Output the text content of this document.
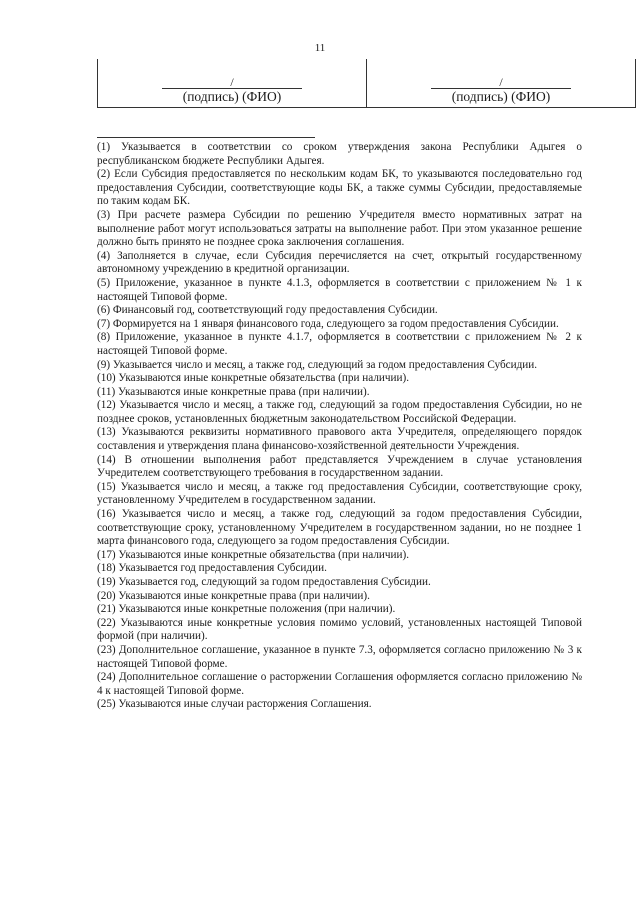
11
/
(подпись) (ФИО)
/
(подпись) (ФИО)

(1) Указывается в соответствии со сроком утверждения закона Республики Адыгея о республиканском бюджете Республики Адыгея.

(2) Если Субсидия предоставляется по нескольким кодам БК, то указываются последовательно год предоставления Субсидии, соответствующие коды БК, а также суммы Субсидии, предоставляемые по таким кодам БК.

(3) При расчете размера Субсидии по решению Учредителя вместо нормативных затрат на выполнение работ могут использоваться затраты на выполнение работ. При этом указанное решение должно быть принято не позднее срока заключения соглашения.

(4) Заполняется в случае, если Субсидия перечисляется на счет, открытый государственному автономному учреждению в кредитной организации.

(5) Приложение, указанное в пункте 4.1.3, оформляется в соответствии с приложением № 1 к настоящей Типовой форме.

(6) Финансовый год, соответствующий году предоставления Субсидии.

(7) Формируется на 1 января финансового года, следующего за годом предоставления Субсидии.

(8) Приложение, указанное в пункте 4.1.7, оформляется в соответствии с приложением № 2 к настоящей Типовой форме.

(9) Указывается число и месяц, а также год, следующий за годом предоставления Субсидии.

(10) Указываются иные конкретные обязательства (при наличии).

(11) Указываются иные конкретные права (при наличии).

(12) Указывается число и месяц, а также год, следующий за годом предоставления Субсидии, но не позднее сроков, установленных бюджетным законодательством Российской Федерации.

(13) Указываются реквизиты нормативного правового акта Учредителя, определяющего порядок составления и утверждения плана финансово-хозяйственной деятельности Учреждения.

(14) В отношении выполнения работ представляется Учреждением в случае установления Учредителем соответствующего требования в государственном задании.

(15) Указывается число и месяц, а также год предоставления Субсидии, соответствующие сроку, установленному Учредителем в государственном задании.

(16) Указывается число и месяц, а также год, следующий за годом предоставления Субсидии, соответствующие сроку, установленному Учредителем в государственном задании, но не позднее 1 марта финансового года, следующего за годом предоставления Субсидии.

(17) Указываются иные конкретные обязательства (при наличии).

(18) Указывается год предоставления Субсидии.

(19) Указывается год, следующий за годом предоставления Субсидии.

(20) Указываются иные конкретные права (при наличии).

(21) Указываются иные конкретные положения (при наличии).

(22) Указываются иные конкретные условия помимо условий, установленных настоящей Типовой формой (при наличии).

(23) Дополнительное соглашение, указанное в пункте 7.3, оформляется согласно приложению № 3 к настоящей Типовой форме.

(24) Дополнительное соглашение о расторжении Соглашения оформляется согласно приложению № 4 к настоящей Типовой форме.

(25) Указываются иные случаи расторжения Соглашения.
